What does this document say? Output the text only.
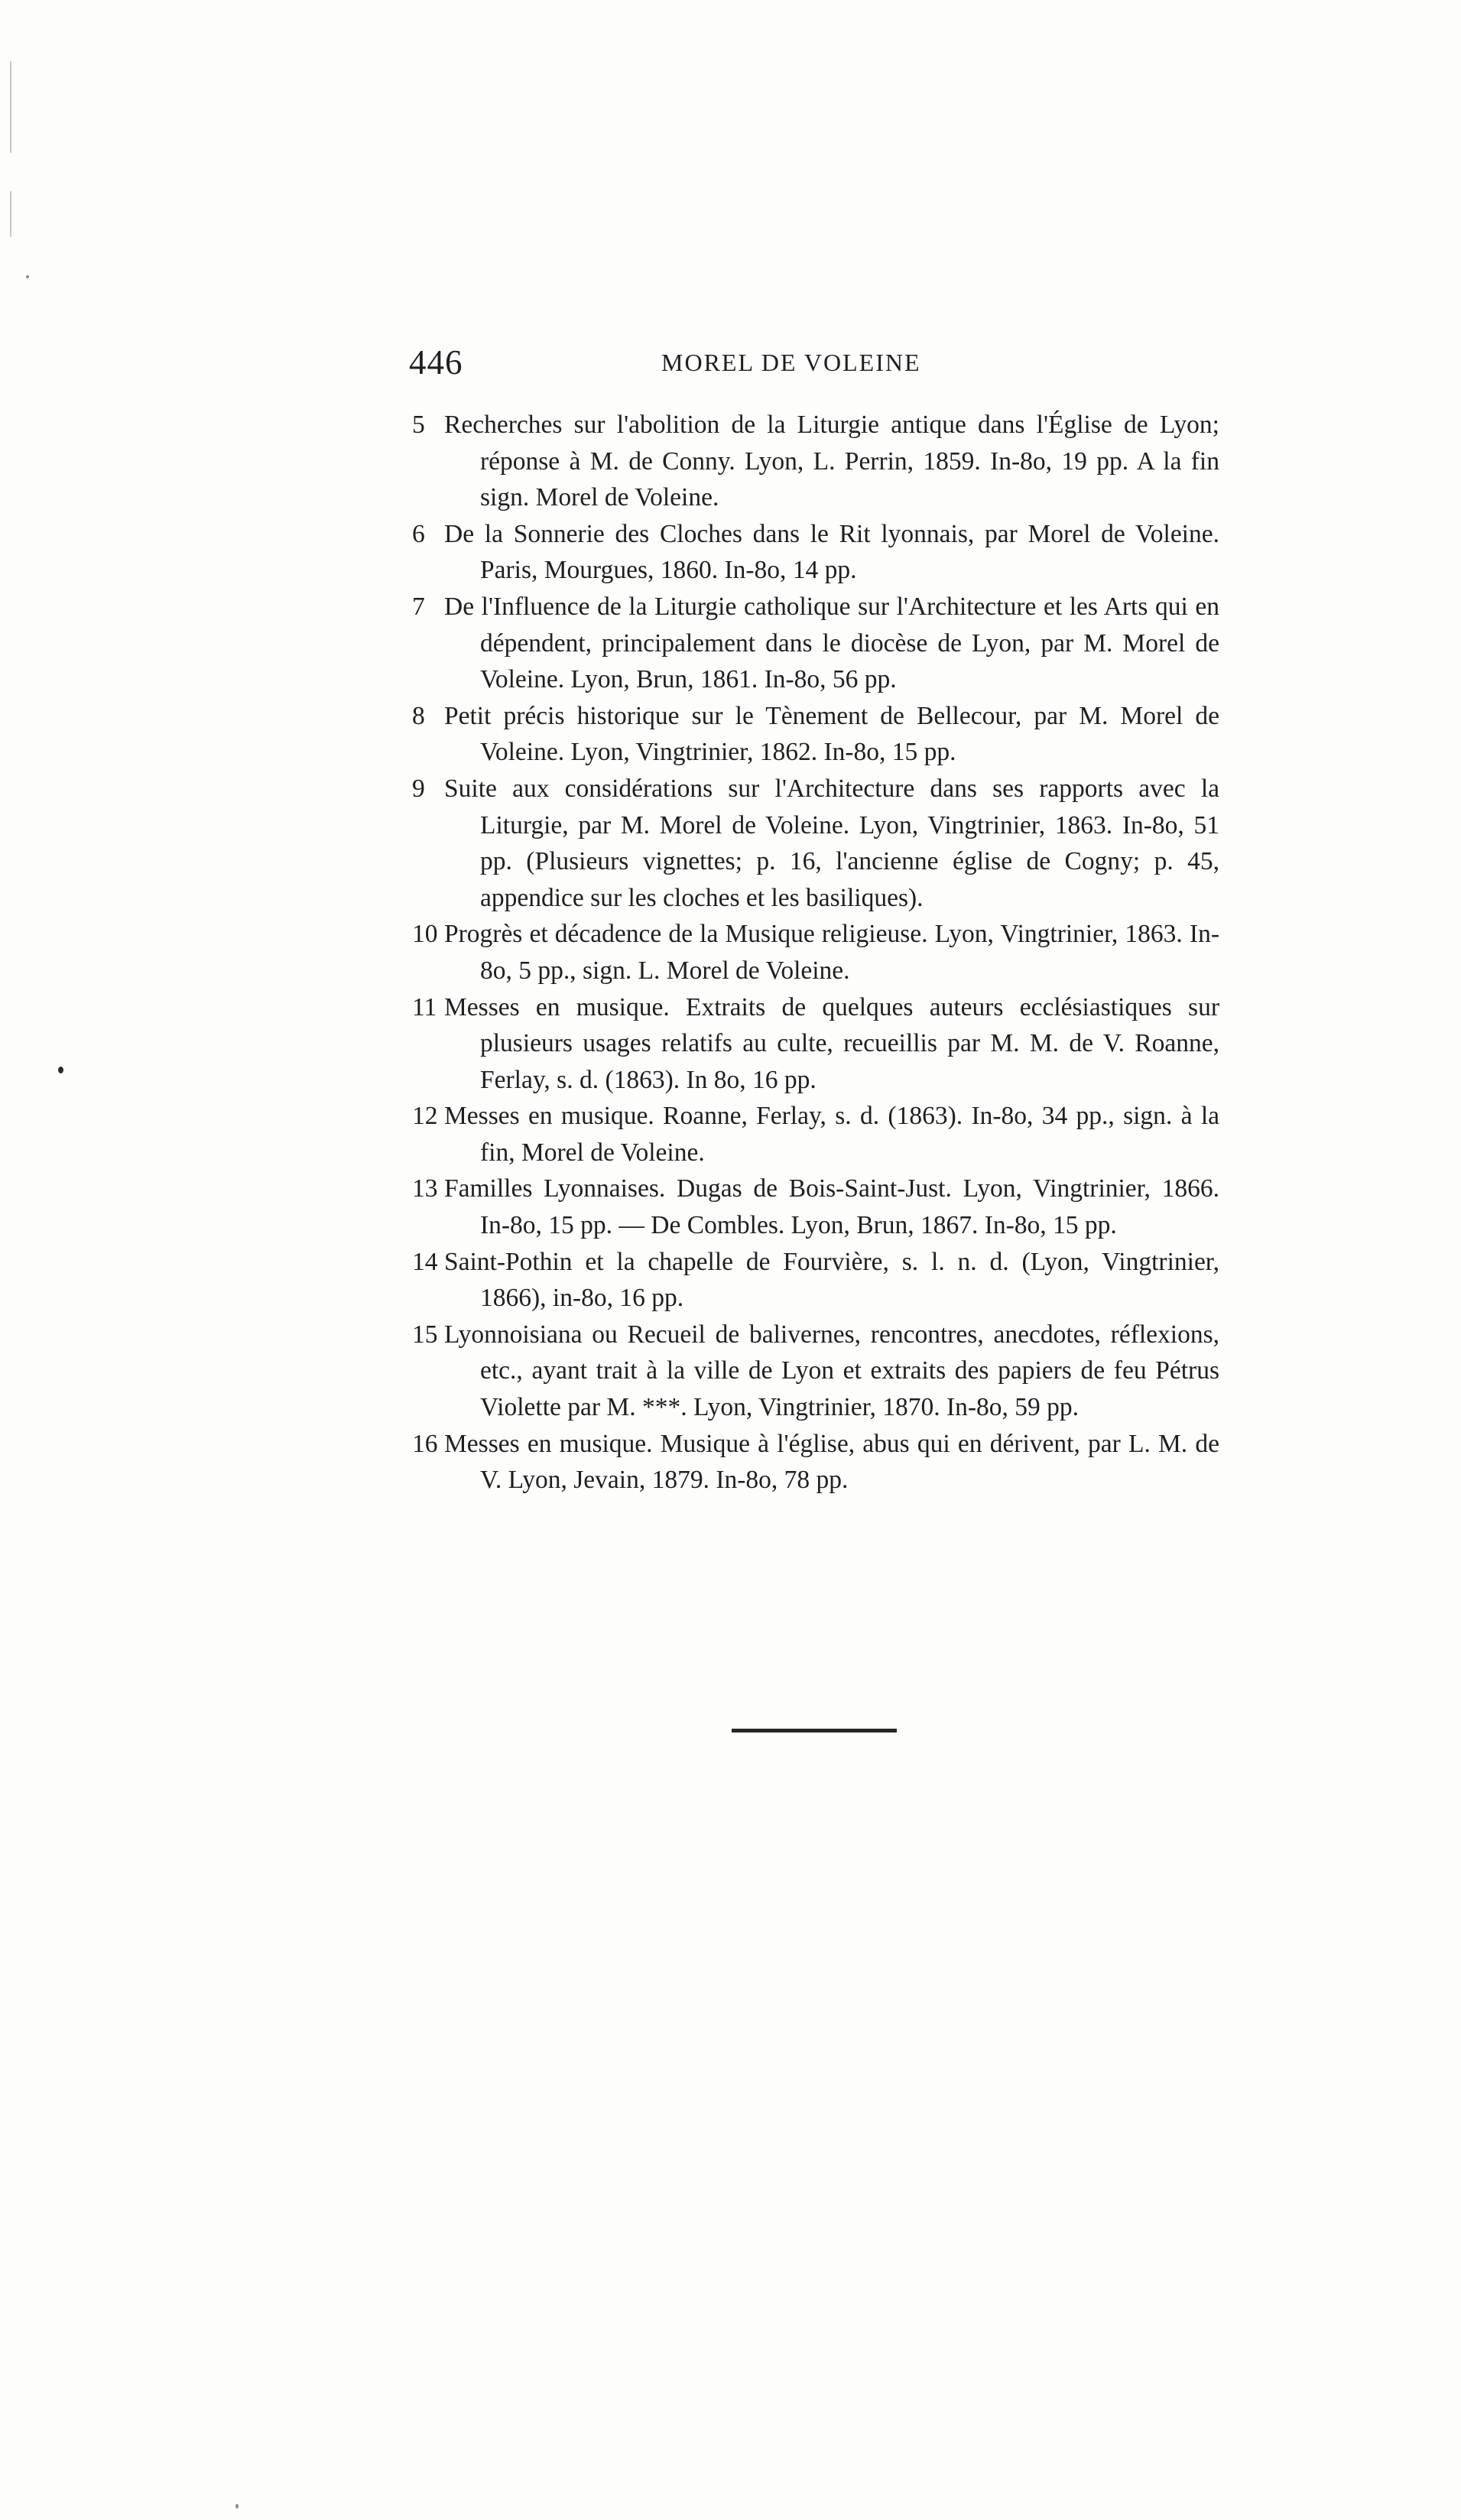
446	MOREL DE VOLEINE
5 Recherches sur l'abolition de la Liturgie antique dans l'Église de Lyon; réponse à M. de Conny. Lyon, L. Perrin, 1859. In-8o, 19 pp. A la fin sign. Morel de Voleine.
6 De la Sonnerie des Cloches dans le Rit lyonnais, par Morel de Voleine. Paris, Mourgues, 1860. In-8o, 14 pp.
7 De l'Influence de la Liturgie catholique sur l'Architecture et les Arts qui en dépendent, principalement dans le diocèse de Lyon, par M. Morel de Voleine. Lyon, Brun, 1861. In-8o, 56 pp.
8 Petit précis historique sur le Tènement de Bellecour, par M. Morel de Voleine. Lyon, Vingtrinier, 1862. In-8o, 15 pp.
9 Suite aux considérations sur l'Architecture dans ses rapports avec la Liturgie, par M. Morel de Voleine. Lyon, Vingtrinier, 1863. In-8o, 51 pp. (Plusieurs vignettes; p. 16, l'ancienne église de Cogny; p. 45, appendice sur les cloches et les basiliques).
10 Progrès et décadence de la Musique religieuse. Lyon, Vingtrinier, 1863. In-8o, 5 pp., sign. L. Morel de Voleine.
11 Messes en musique. Extraits de quelques auteurs ecclésiastiques sur plusieurs usages relatifs au culte, recueillis par M. M. de V. Roanne, Ferlay, s. d. (1863). In 8o, 16 pp.
12 Messes en musique. Roanne, Ferlay, s. d. (1863). In-8o, 34 pp., sign. à la fin, Morel de Voleine.
13 Familles Lyonnaises. Dugas de Bois-Saint-Just. Lyon, Vingtrinier, 1866. In-8o, 15 pp. — De Combles. Lyon, Brun, 1867. In-8o, 15 pp.
14 Saint-Pothin et la chapelle de Fourvière, s. l. n. d. (Lyon, Vingtrinier, 1866), in-8o, 16 pp.
15 Lyonnoisiana ou Recueil de balivernes, rencontres, anecdotes, réflexions, etc., ayant trait à la ville de Lyon et extraits des papiers de feu Pétrus Violette par M. ***. Lyon, Vingtrinier, 1870. In-8o, 59 pp.
16 Messes en musique. Musique à l'église, abus qui en dérivent, par L. M. de V. Lyon, Jevain, 1879. In-8o, 78 pp.
